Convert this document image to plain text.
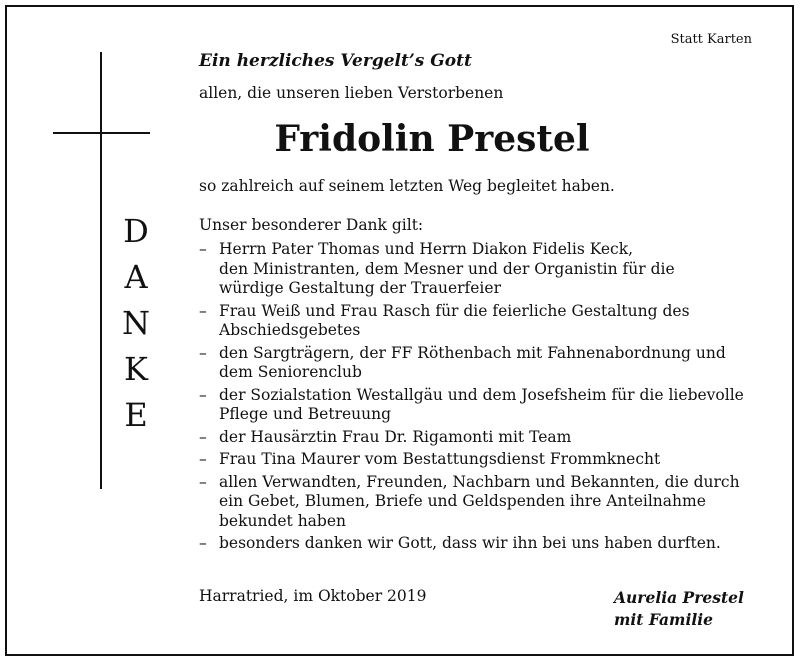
Statt Karten
D
A
N
K
E
Ein herzliches Vergelt’s Gott
allen, die unseren lieben Verstorbenen
Fridolin Prestel
so zahlreich auf seinem letzten Weg begleitet haben.
Unser besonderer Dank gilt:
– Herrn Pater Thomas und Herrn Diakon Fidelis Keck,
den Ministranten, dem Mesner und der Organistin für die
würdige Gestaltung der Trauerfeier
– Frau Weiß und Frau Rasch für die feierliche Gestaltung des
Abschiedsgebetes
– den Sargträgern, der FF Röthenbach mit Fahnenabordnung und
dem Seniorenclub
– der Sozialstation Westallgäu und dem Josefsheim für die liebevolle
Pflege und Betreuung
– der Hausärztin Frau Dr. Rigamonti mit Team
– Frau Tina Maurer vom Bestattungsdienst Frommknecht
– allen Verwandten, Freunden, Nachbarn und Bekannten, die durch
ein Gebet, Blumen, Briefe und Geldspenden ihre Anteilnahme
bekundet haben
– besonders danken wir Gott, dass wir ihn bei uns haben durften.
Harratried, im Oktober 2019	Aurelia Prestel
mit Familie
